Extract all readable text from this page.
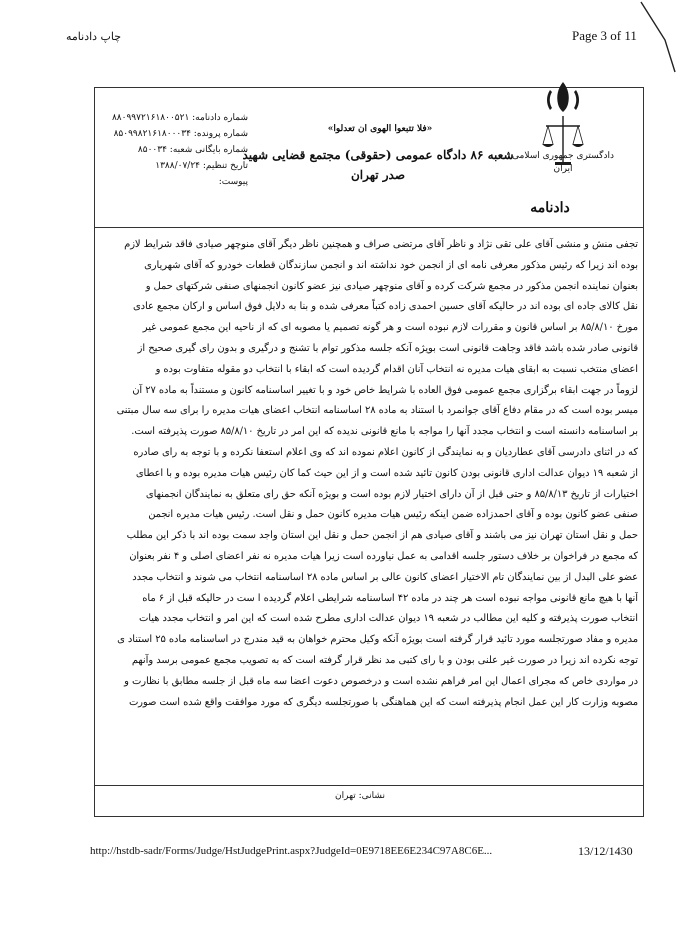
چاپ دادنامه	Page 3 of 11
دادگستری جمهوری اسلامی
ایران
دادنامه
«فلا تتبعوا الهوی ان تعدلوا»
شعبه ۸۶ دادگاه عمومی (حقوقی) مجتمع قضایی شهید
صدر تهران
شماره دادنامه: ۸۸۰۹۹۷۲۱۶۱۸۰۰۵۲۱
شماره پرونده: ۸۵۰۹۹۸۲۱۶۱۸۰۰۰۳۴
شماره بایگانی شعبه: ۸۵۰۰۳۴
تاریخ تنظیم: ۱۳۸۸/۰۷/۲۴
پیوست:
تجفی منش و منشی آقای علی تقی نژاد و ناظر آقای مرتضی صراف و همچنین ناظر دیگر آقای منوچهر صیادی فاقد شرایط لازم
بوده اند زیرا که رئیس مذکور معرفی نامه ای از انجمن خود نداشته اند و انجمن سازندگان قطعات خودرو که آقای شهریاری
بعنوان نماینده انجمن مذکور در مجمع شرکت کرده و آقای منوچهر صیادی نیز عضو کانون انجمنهای صنفی شرکتهای حمل و
نقل کالای جاده ای بوده اند در حالیکه آقای حسین احمدی زاده کتباً معرفی شده و بنا به دلایل فوق اساس و ارکان مجمع عادی
مورخ ۸۵/۸/۱۰ بر اساس قانون و مقررات لازم نبوده است و هر گونه تصمیم یا مصوبه ای که از ناحیه این مجمع عمومی غیر
قانونی صادر شده باشد فاقد وجاهت قانونی است بویژه آنکه جلسه مذکور توام با تشنج و درگیری و بدون رای گیری صحیح از
اعضای منتخب نسبت به ابقای هیات مدیره نه انتخاب آنان اقدام گردیده است که ابقاء با انتخاب دو مقوله متفاوت بوده و
لزوماً در جهت ابقاء برگزاری مجمع عمومی فوق العاده با شرایط خاص خود و با تغییر اساسنامه کانون و مستنداً به ماده ۲۷ آن
میسر بوده است که در مقام دفاع آقای جوانمرد با استناد به ماده ۲۸ اساسنامه انتخاب اعضای هیات مدیره را برای سه سال مبتنی
بر اساسنامه دانسته است و انتخاب مجدد آنها را مواجه با مانع قانونی ندیده که این امر در تاریخ ۸۵/۸/۱۰ صورت پذیرفته است.
که در اثنای دادرسی آقای عطاردیان و به نمایندگی از کانون اعلام نموده اند که وی اعلام استعفا نکرده و با توجه به رای صادره
از شعبه ۱۹ دیوان عدالت اداری قانونی بودن کانون تائید شده است و از این حیث کما کان رئیس هیات مدیره بوده و با اعطای
اختیارات از تاریخ ۸۵/۸/۱۳ و حتی قبل از آن دارای اختیار لازم بوده است و بویژه آنکه حق رای متعلق به نمایندگان انجمنهای
صنفی عضو کانون بوده و آقای احمدزاده ضمن اینکه رئیس هیات مدیره کانون حمل و نقل است. رئیس هیات مدیره انجمن
حمل و نقل استان تهران نیز می باشند و آقای صیادی هم از انجمن حمل و نقل این استان واجد سمت بوده اند با ذکر این مطلب
که مجمع در فراخوان بر خلاف دستور جلسه اقدامی به عمل نیاورده است زیرا هیات مدیره نه نفر اعضای اصلی و ۴ نفر بعنوان
عضو علی البدل از بین نمایندگان تام الاختیار اعضای کانون عالی بر اساس ماده ۲۸ اساسنامه انتخاب می شوند و انتخاب مجدد
آنها با هیچ مانع قانونی مواجه نبوده است هر چند در ماده ۴۲ اساسنامه شرایطی اعلام گردیده ا ست در حالیکه قبل از ۶ ماه
انتخاب صورت پذیرفته و کلیه این مطالب در شعبه ۱۹ دیوان عدالت اداری مطرح شده است که این امر و انتخاب مجدد هیات
مدیره و مفاد صورتجلسه مورد تائید قرار گرفته است بویژه آنکه وکیل محترم خواهان به قید مندرج در اساسنامه ماده ۲۵ استناد ی
توجه نکرده اند زیرا در صورت غیر علنی بودن و با رای کتبی مد نظر قرار گرفته است که به تصویب مجمع عمومی برسد وآنهم
در مواردی خاص که مجرای اعمال این امر فراهم نشده است و درخصوص دعوت اعضا سه ماه قبل از جلسه مطابق با نظارت و
مصوبه وزارت کار این عمل انجام پذیرفته است که این هماهنگی با صورتجلسه دیگری که مورد موافقت واقع شده است صورت
نشانی: تهران
http://hstdb-sadr/Forms/Judge/HstJudgePrint.aspx?JudgeId=0E9718EE6E234C97A8C6E...	13/12/1430
